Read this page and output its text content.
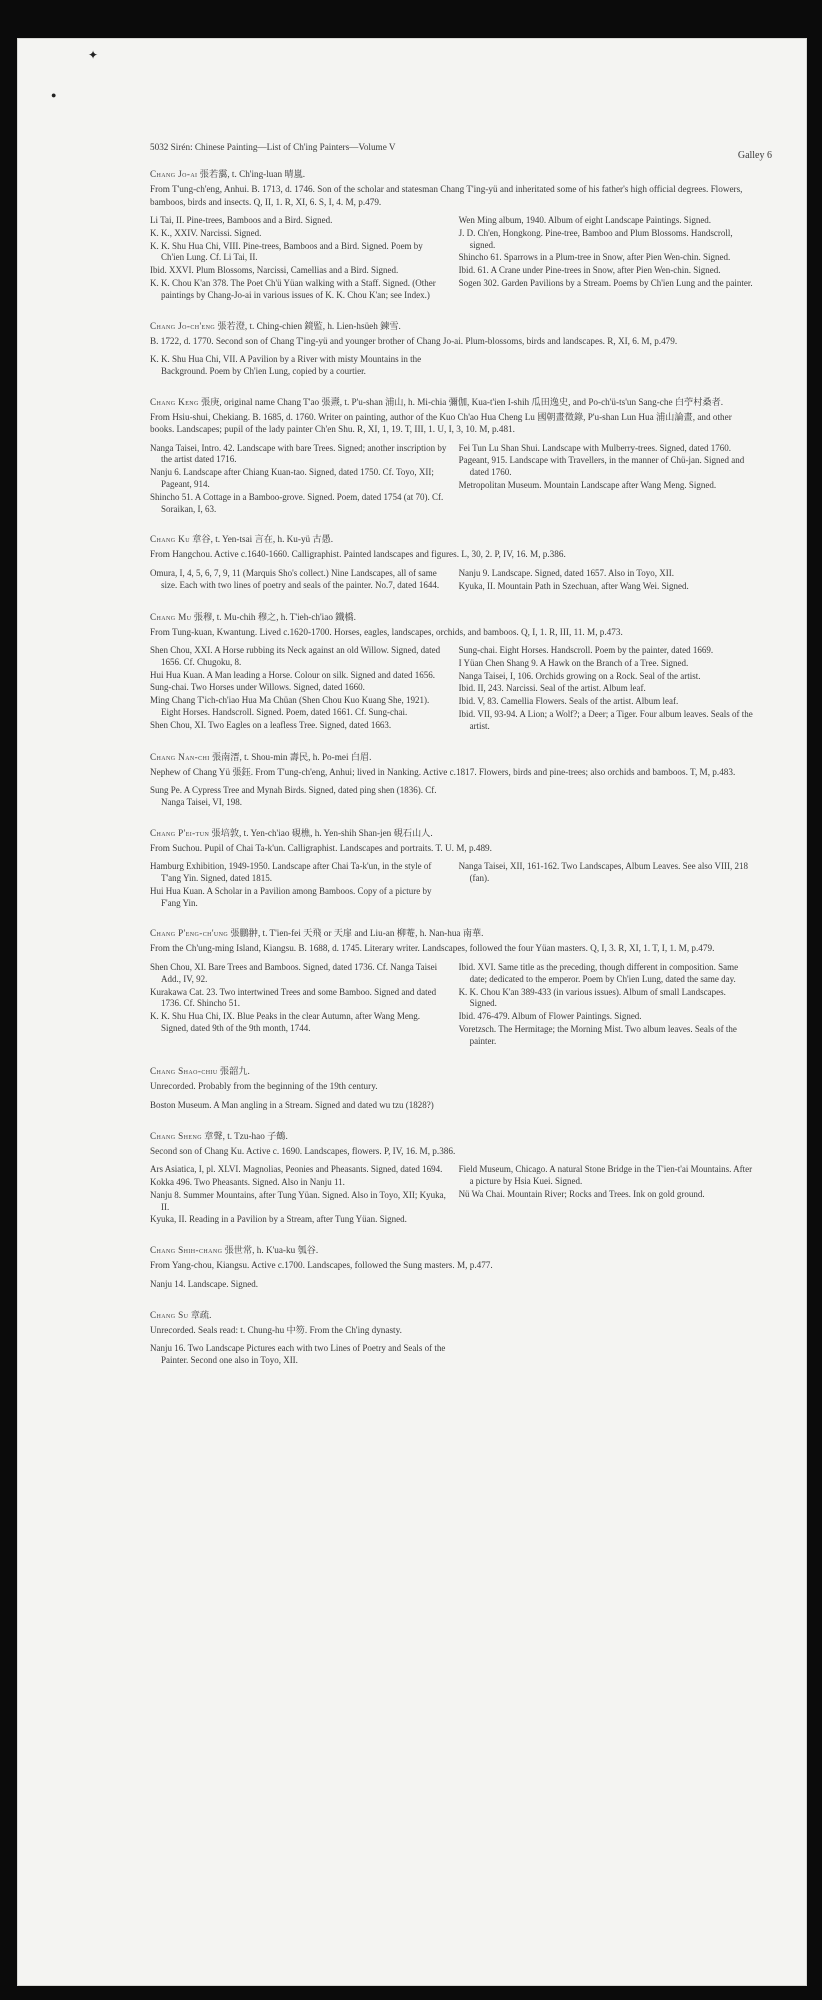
✦
●
5032 Sirén: Chinese Painting—List of Ch'ing Painters—Volume V
Galley 6

Chang Jo-ai 張若靄, t. Ch'ing-luan 晴嵐.

From T'ung-ch'eng, Anhui. B. 1713, d. 1746. Son of the scholar and statesman Chang T'ing-yü and inheritated some of his father's high official degrees. Flowers, bamboos, birds and insects. Q, II, 1. R, XI, 6. S, I, 4. M, p.479.

Li Tai, II. Pine-trees, Bamboos and a Bird. Signed.

K. K., XXIV. Narcissi. Signed.

K. K. Shu Hua Chi, VIII. Pine-trees, Bamboos and a Bird. Signed. Poem by Ch'ien Lung. Cf. Li Tai, II.

Ibid. XXVI. Plum Blossoms, Narcissi, Camellias and a Bird. Signed.

K. K. Chou K'an 378. The Poet Ch'ü Yüan walking with a Staff. Signed. (Other paintings by Chang-Jo-ai in various issues of K. K. Chou K'an; see Index.)

Wen Ming album, 1940. Album of eight Landscape Paintings. Signed.

J. D. Ch'en, Hongkong. Pine-tree, Bamboo and Plum Blossoms. Handscroll, signed.

Shincho 61. Sparrows in a Plum-tree in Snow, after Pien Wen-chin. Signed.

Ibid. 61. A Crane under Pine-trees in Snow, after Pien Wen-chin. Signed.

Sogen 302. Garden Pavilions by a Stream. Poems by Ch'ien Lung and the painter.

Chang Jo-ch'eng 張若澄, t. Ching-chien 鏡監, h. Lien-hsüeh 鍊雪.

B. 1722, d. 1770. Second son of Chang T'ing-yü and younger brother of Chang Jo-ai. Plum-blossoms, birds and landscapes. R, XI, 6. M, p.479.

K. K. Shu Hua Chi, VII. A Pavilion by a River with misty Mountains in the Background. Poem by Ch'ien Lung, copied by a courtier.

Chang Keng 張庚, original name Chang T'ao 張燾, t. P'u-shan 浦山, h. Mi-chia 彌伽, Kua-t'ien I-shih 瓜田逸史, and Po-ch'ü-ts'un Sang-che 白苧村桑者.

From Hsiu-shui, Chekiang. B. 1685, d. 1760. Writer on painting, author of the Kuo Ch'ao Hua Cheng Lu 國朝畫徵錄, P'u-shan Lun Hua 浦山論畫, and other books. Landscapes; pupil of the lady painter Ch'en Shu. R, XI, 1, 19. T, III, 1. U, I, 3, 10. M, p.481.

Nanga Taisei, Intro. 42. Landscape with bare Trees. Signed; another inscription by the artist dated 1716.

Nanju 6. Landscape after Chiang Kuan-tao. Signed, dated 1750. Cf. Toyo, XII; Pageant, 914.

Shincho 51. A Cottage in a Bamboo-grove. Signed. Poem, dated 1754 (at 70). Cf. Soraikan, I, 63.

Fei Tun Lu Shan Shui. Landscape with Mulberry-trees. Signed, dated 1760.

Pageant, 915. Landscape with Travellers, in the manner of Chü-jan. Signed and dated 1760.

Metropolitan Museum. Mountain Landscape after Wang Meng. Signed.

Chang Ku 章谷, t. Yen-tsai 言在, h. Ku-yü 古愚.

From Hangchou. Active c.1640-1660. Calligraphist. Painted landscapes and figures. L, 30, 2. P, IV, 16. M, p.386.

Omura, I, 4, 5, 6, 7, 9, 11 (Marquis Sho's collect.) Nine Landscapes, all of same size. Each with two lines of poetry and seals of the painter. No.7, dated 1644.

Nanju 9. Landscape. Signed, dated 1657. Also in Toyo, XII.

Kyuka, II. Mountain Path in Szechuan, after Wang Wei. Signed.

Chang Mu 張穆, t. Mu-chih 穆之, h. T'ieh-ch'iao 鐵橋.

From Tung-kuan, Kwantung. Lived c.1620-1700. Horses, eagles, landscapes, orchids, and bamboos. Q, I, 1. R, III, 11. M, p.473.

Shen Chou, XXI. A Horse rubbing its Neck against an old Willow. Signed, dated 1656. Cf. Chugoku, 8.

Hui Hua Kuan. A Man leading a Horse. Colour on silk. Signed and dated 1656.

Sung-chai. Two Horses under Willows. Signed, dated 1660.

Ming Chang T'ich-ch'iao Hua Ma Chüan (Shen Chou Kuo Kuang She, 1921). Eight Horses. Handscroll. Signed. Poem, dated 1661. Cf. Sung-chai.

Shen Chou, XI. Two Eagles on a leafless Tree. Signed, dated 1663.

Sung-chai. Eight Horses. Handscroll. Poem by the painter, dated 1669.

I Yüan Chen Shang 9. A Hawk on the Branch of a Tree. Signed.

Nanga Taisei, I, 106. Orchids growing on a Rock. Seal of the artist.

Ibid. II, 243. Narcissi. Seal of the artist. Album leaf.

Ibid. V, 83. Camellia Flowers. Seals of the artist. Album leaf.

Ibid. VII, 93-94. A Lion; a Wolf?; a Deer; a Tiger. Four album leaves. Seals of the artist.

Chang Nan-chi 張南溍, t. Shou-min 壽民, h. Po-mei 白眉.

Nephew of Chang Yü 張鈺. From T'ung-ch'eng, Anhui; lived in Nanking. Active c.1817. Flowers, birds and pine-trees; also orchids and bamboos. T, M, p.483.

Sung Pe. A Cypress Tree and Mynah Birds. Signed, dated ping shen (1836). Cf. Nanga Taisei, VI, 198.

Chang P'ei-tun 張培敦, t. Yen-ch'iao 硯樵, h. Yen-shih Shan-jen 硯石山人.

From Suchou. Pupil of Chai Ta-k'un. Calligraphist. Landscapes and portraits. T. U. M, p.489.

Hamburg Exhibition, 1949-1950. Landscape after Chai Ta-k'un, in the style of T'ang Yin. Signed, dated 1815.

Hui Hua Kuan. A Scholar in a Pavilion among Bamboos. Copy of a picture by F'ang Yin.

Nanga Taisei, XII, 161-162. Two Landscapes, Album Leaves. See also VIII, 218 (fan).

Chang P'eng-ch'ung 張鵬翀, t. T'ien-fei 天飛 or 天扉 and Liu-an 柳菴, h. Nan-hua 南華.

From the Ch'ung-ming Island, Kiangsu. B. 1688, d. 1745. Literary writer. Landscapes, followed the four Yüan masters. Q, I, 3. R, XI, 1. T, I, 1. M, p.479.

Shen Chou, XI. Bare Trees and Bamboos. Signed, dated 1736. Cf. Nanga Taisei Add., IV, 92.

Kurakawa Cat. 23. Two intertwined Trees and some Bamboo. Signed and dated 1736. Cf. Shincho 51.

K. K. Shu Hua Chi, IX. Blue Peaks in the clear Autumn, after Wang Meng. Signed, dated 9th of the 9th month, 1744.

Ibid. XVI. Same title as the preceding, though different in composition. Same date; dedicated to the emperor. Poem by Ch'ien Lung, dated the same day.

K. K. Chou K'an 389-433 (in various issues). Album of small Landscapes. Signed.

Ibid. 476-479. Album of Flower Paintings. Signed.

Voretzsch. The Hermitage; the Morning Mist. Two album leaves. Seals of the painter.

Chang Shao-chiu 張韶九.

Unrecorded. Probably from the beginning of the 19th century.

Boston Museum. A Man angling in a Stream. Signed and dated wu tzu (1828?)

Chang Sheng 章聲, t. Tzu-hao 子鶴.

Second son of Chang Ku. Active c. 1690. Landscapes, flowers. P, IV, 16. M, p.386.

Ars Asiatica, I, pl. XLVI. Magnolias, Peonies and Pheasants. Signed, dated 1694.

Kokka 496. Two Pheasants. Signed. Also in Nanju 11.

Nanju 8. Summer Mountains, after Tung Yüan. Signed. Also in Toyo, XII; Kyuka, II.

Kyuka, II. Reading in a Pavilion by a Stream, after Tung Yüan. Signed.

Field Museum, Chicago. A natural Stone Bridge in the T'ien-t'ai Mountains. After a picture by Hsia Kuei. Signed.

Nü Wa Chai. Mountain River; Rocks and Trees. Ink on gold ground.

Chang Shih-chang 張世常, h. K'ua-ku 瓠谷.

From Yang-chou, Kiangsu. Active c.1700. Landscapes, followed the Sung masters. M, p.477.

Nanju 14. Landscape. Signed.

Chang Su 章疏.

Unrecorded. Seals read: t. Chung-hu 中笏. From the Ch'ing dynasty.

Nanju 16. Two Landscape Pictures each with two Lines of Poetry and Seals of the Painter. Second one also in Toyo, XII.
